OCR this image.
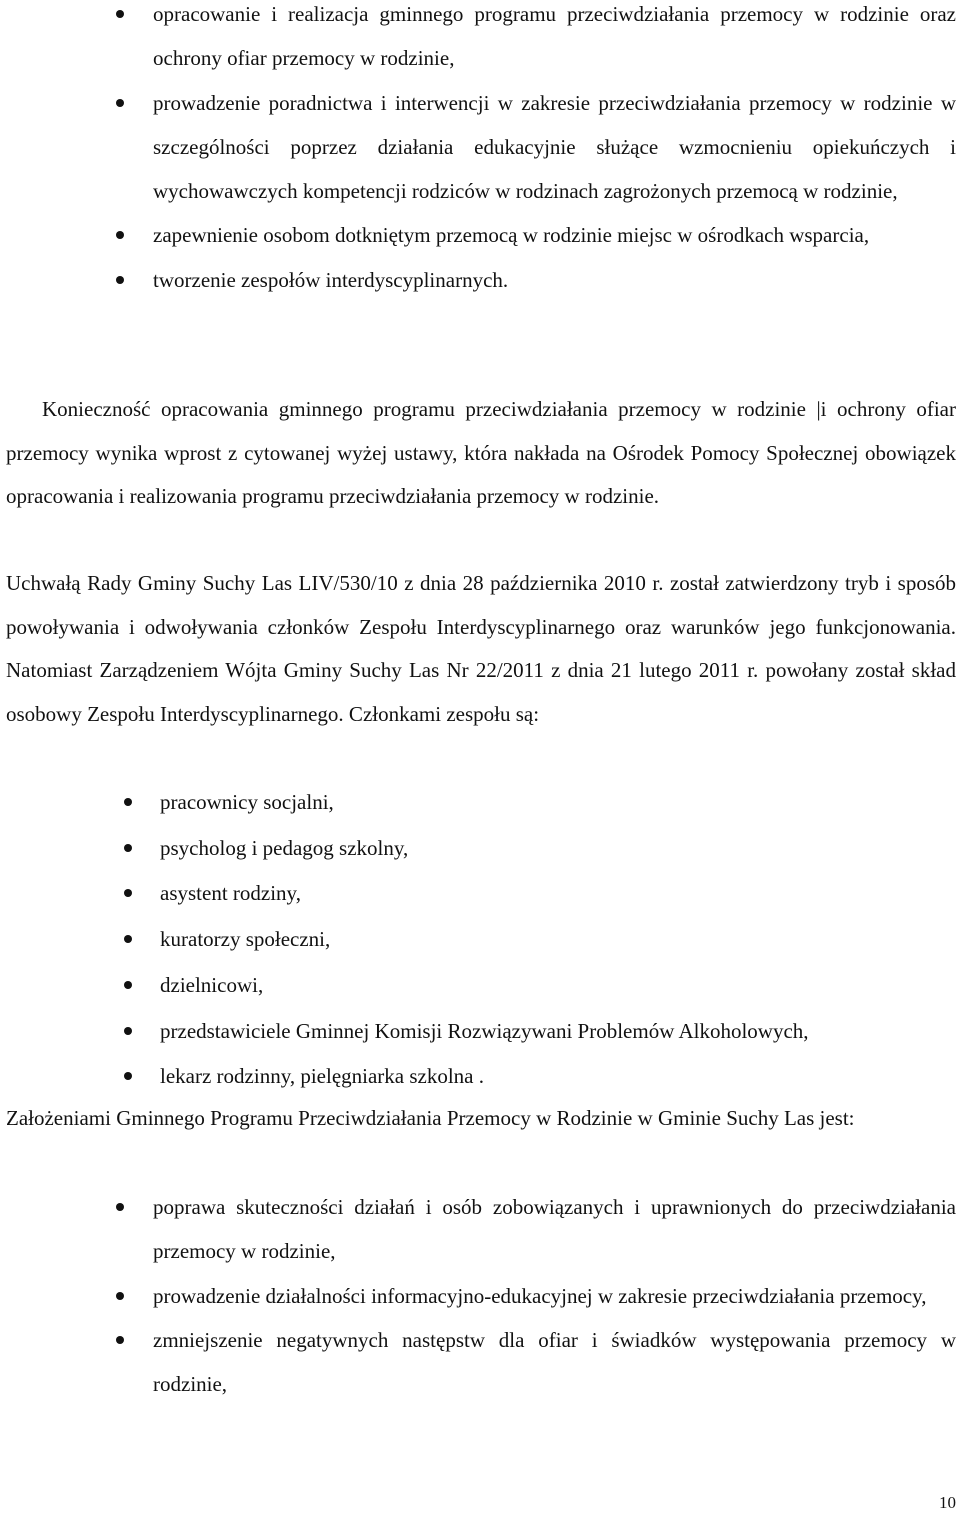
opracowanie i realizacja gminnego programu przeciwdziałania przemocy w rodzinie oraz ochrony ofiar przemocy w rodzinie,
prowadzenie poradnictwa i interwencji w zakresie przeciwdziałania przemocy w rodzinie w szczególności poprzez działania edukacyjnie służące wzmocnieniu opiekuńczych i wychowawczych kompetencji rodziców w rodzinach zagrożonych przemocą w rodzinie,
zapewnienie osobom dotkniętym przemocą w rodzinie miejsc w ośrodkach wsparcia,
tworzenie zespołów interdyscyplinarnych.

Konieczność opracowania gminnego programu przeciwdziałania przemocy w rodzinie |i ochrony ofiar przemocy wynika wprost z cytowanej wyżej ustawy, która nakłada na Ośrodek Pomocy Społecznej obowiązek opracowania i realizowania programu przeciwdziałania przemocy w rodzinie.

Uchwałą Rady Gminy Suchy Las LIV/530/10 z dnia 28 października 2010 r. został zatwierdzony tryb i sposób powoływania i odwoływania członków Zespołu Interdyscyplinarnego oraz warunków jego funkcjonowania. Natomiast Zarządzeniem Wójta Gminy Suchy Las Nr 22/2011 z dnia 21 lutego 2011 r. powołany został skład osobowy Zespołu Interdyscyplinarnego. Członkami zespołu są:

pracownicy socjalni,
psycholog i pedagog szkolny,
asystent rodziny,
kuratorzy społeczni,
dzielnicowi,
przedstawiciele Gminnej Komisji Rozwiązywani Problemów Alkoholowych,
lekarz rodzinny, pielęgniarka szkolna .

Założeniami Gminnego Programu Przeciwdziałania Przemocy w Rodzinie w Gminie Suchy Las jest:

poprawa skuteczności działań i osób zobowiązanych i uprawnionych do przeciwdziałania przemocy w rodzinie,
prowadzenie działalności informacyjno-edukacyjnej w zakresie przeciwdziałania przemocy,
zmniejszenie negatywnych następstw dla ofiar i świadków występowania przemocy w rodzinie,
10
